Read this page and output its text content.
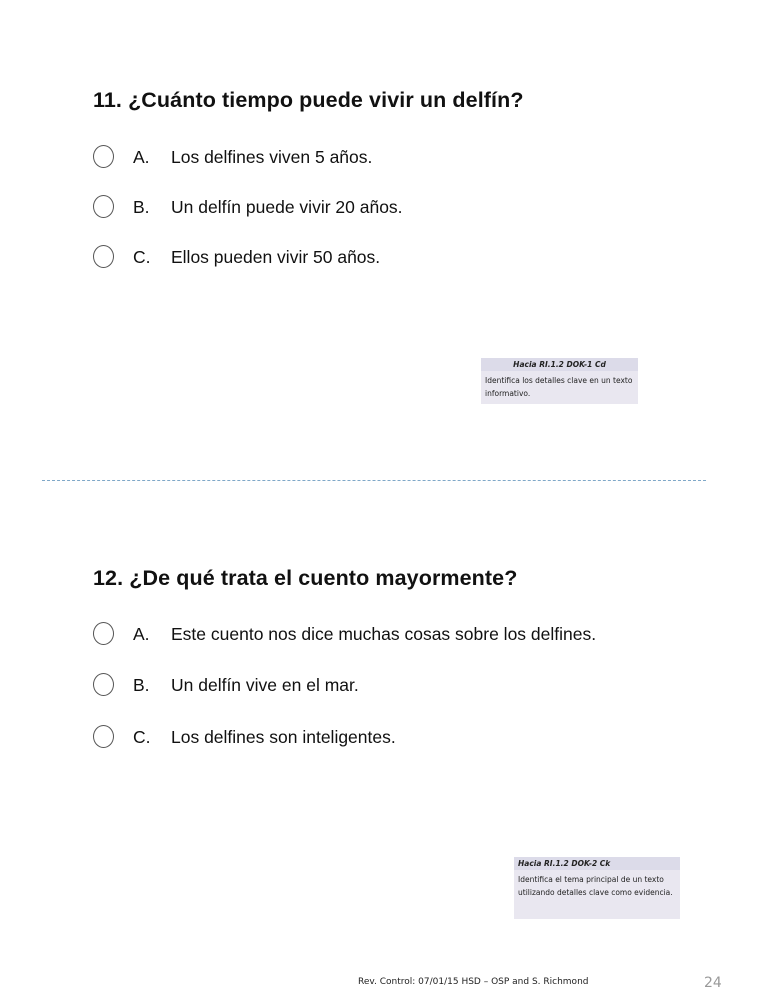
11. ¿Cuánto tiempo puede vivir un delfín?
A. Los delfines viven 5 años.
B. Un delfín puede vivir 20 años.
C. Ellos pueden vivir 50 años.
Hacia RI.1.2 DOK-1 Cd
Identifica los detalles clave en un texto informativo.
12. ¿De qué trata el cuento mayormente?
A. Este cuento nos dice muchas cosas sobre los delfines.
B. Un delfín vive en el mar.
C. Los delfines son inteligentes.
Hacia RI.1.2 DOK-2 Ck
Identifica el tema principal de un texto utilizando detalles clave como evidencia.
Rev. Control: 07/01/15 HSD – OSP and S. Richmond	24
